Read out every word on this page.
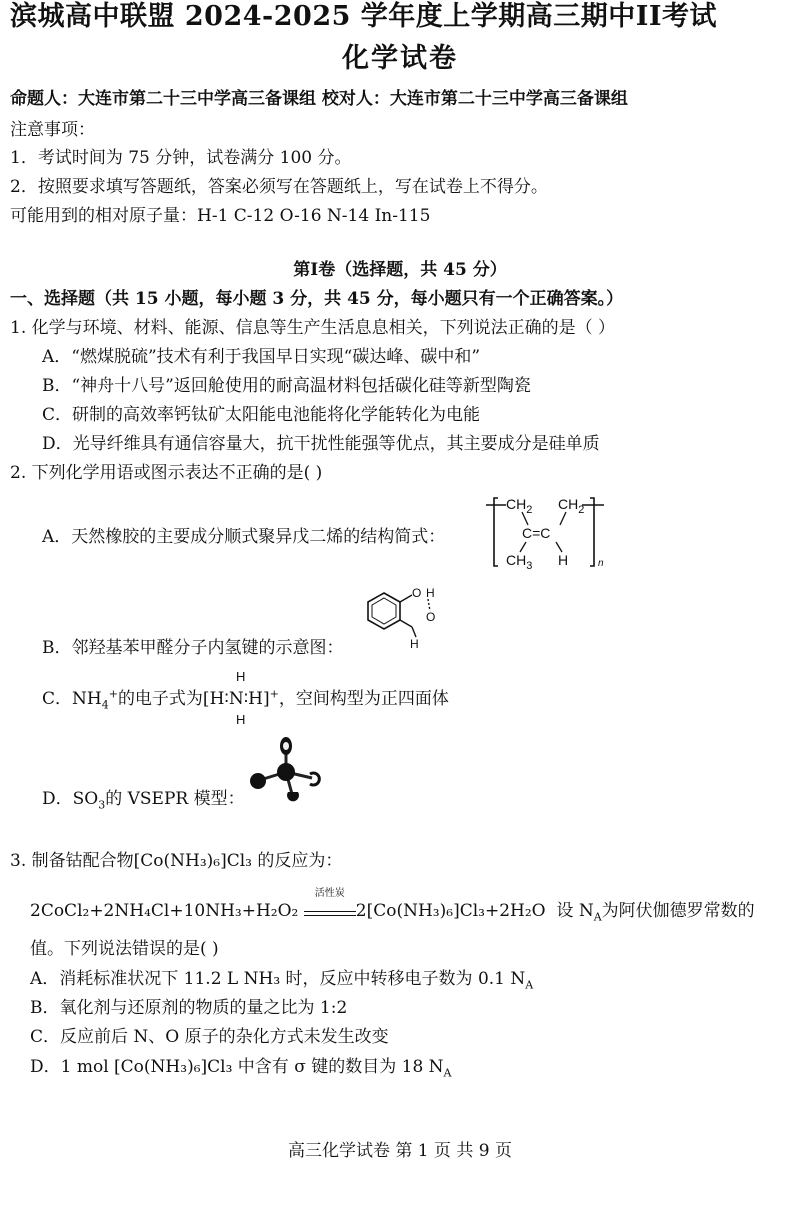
滨城高中联盟 2024-2025 学年度上学期高三期中II考试
化学试卷
命题人：大连市第二十三中学高三备课组 校对人：大连市第二十三中学高三备课组
注意事项：
1．考试时间为 75 分钟，试卷满分 100 分。
2．按照要求填写答题纸，答案必须写在答题纸上，写在试卷上不得分。
可能用到的相对原子量：H-1 C-12 O-16 N-14 In-115
第Ⅰ卷（选择题，共 45 分）
一、选择题（共 15 小题，每小题 3 分，共 45 分，每小题只有一个正确答案。）
1. 化学与环境、材料、能源、信息等生产生活息息相关，下列说法正确的是（ ）
A．“燃煤脱硫”技术有利于我国早日实现“碳达峰、碳中和”
B．“神舟十八号”返回舱使用的耐高温材料包括碳化硅等新型陶瓷
C．研制的高效率钙钛矿太阳能电池能将化学能转化为电能
D．光导纤维具有通信容量大，抗干扰性能强等优点，其主要成分是硅单质
2. 下列化学用语或图示表达不正确的是( )
A．天然橡胶的主要成分顺式聚异戊二烯的结构简式：
$CH_2$ $CH_2$
C=C
$CH_3$ H	n
B．邻羟基苯甲醛分子内氢键的示意图：
O H
O
H
C．$NH_4^+$的电子式为[H∶N∶H]+，空间构型为正四面体
H
H
D．$SO_3$的 VSEPR 模型：
3. 制备钴配合物[Co(NH₃)₆]Cl₃ 的反应为：
2CoCl₂+2NH₄Cl+10NH₃+H₂O₂
活性炭
2[Co(NH₃)₆]Cl₃+2H₂O 设 $N_A$为阿伏伽德罗常数的
值。下列说法错误的是( )
A．消耗标准状况下 11.2 L NH₃ 时，反应中转移电子数为 0.1 $N_A$
B．氧化剂与还原剂的物质的量之比为 1:2
C．反应前后 N、O 原子的杂化方式未发生改变
D．1 mol [Co(NH₃)₆]Cl₃ 中含有 σ 键的数目为 18 $N_A$
高三化学试卷 第 1 页 共 9 页
